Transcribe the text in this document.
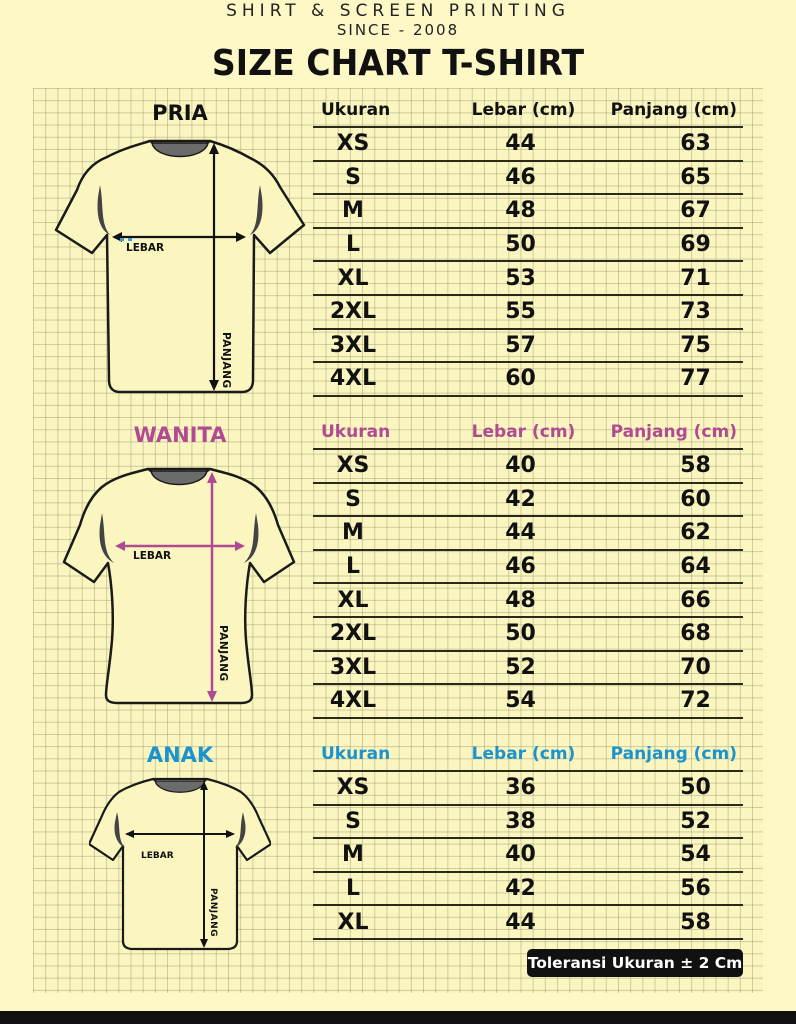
SHIRT & SCREEN PRINTING
SINCE - 2008
SIZE CHART T-SHIRT
PRIA
LEBAR
PANJANG
Ukuran	Lebar (cm)	Panjang (cm)
XS	44	63
S	46	65
M	48	67
L	50	69
XL	53	71
2XL	55	73
3XL	57	75
4XL	60	77
WANITA
LEBAR
PANJANG
Ukuran	Lebar (cm)	Panjang (cm)
XS	40	58
S	42	60
M	44	62
L	46	64
XL	48	66
2XL	50	68
3XL	52	70
4XL	54	72
ANAK
LEBAR
PANJANG
Ukuran	Lebar (cm)	Panjang (cm)
XS	36	50
S	38	52
M	40	54
L	42	56
XL	44	58
Toleransi Ukuran ± 2 Cm
